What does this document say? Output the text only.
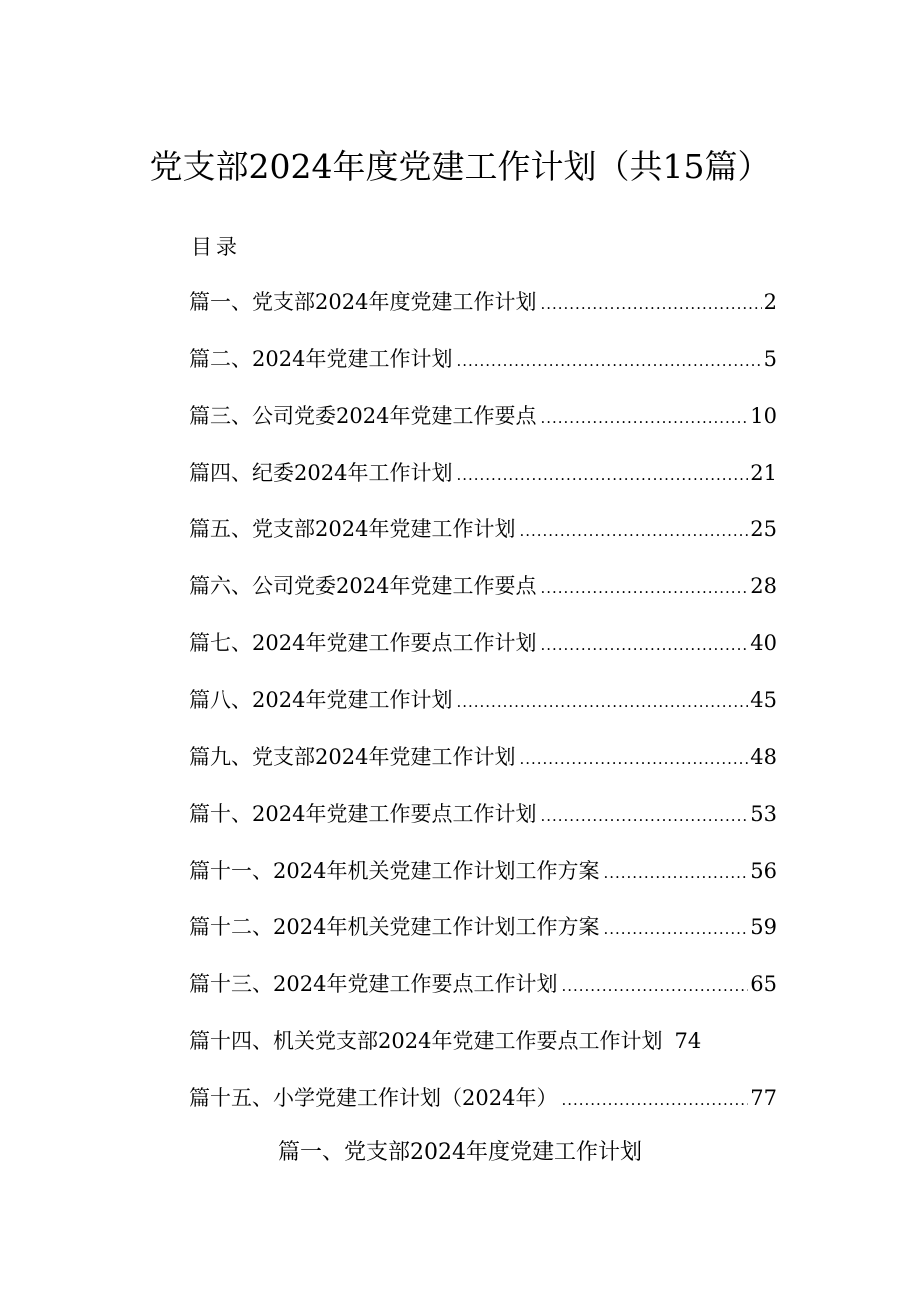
党支部2024年度党建工作计划（共15篇）
目录
篇一、党支部2024年度党建工作计划 .....	2
篇二、2024年党建工作计划 .....	5
篇三、公司党委2024年党建工作要点 .....	10
篇四、纪委2024年工作计划 .....	21
篇五、党支部2024年党建工作计划 .....	25
篇六、公司党委2024年党建工作要点 .....	28
篇七、2024年党建工作要点工作计划 .....	40
篇八、2024年党建工作计划 .....	45
篇九、党支部2024年党建工作计划 .....	48
篇十、2024年党建工作要点工作计划 .....	53
篇十一、2024年机关党建工作计划工作方案 .....	56
篇十二、2024年机关党建工作计划工作方案 .....	59
篇十三、2024年党建工作要点工作计划 .....	65
篇十四、机关党支部2024年党建工作要点工作计划 74
篇十五、小学党建工作计划（2024年） .....	77
篇一、党支部2024年度党建工作计划
